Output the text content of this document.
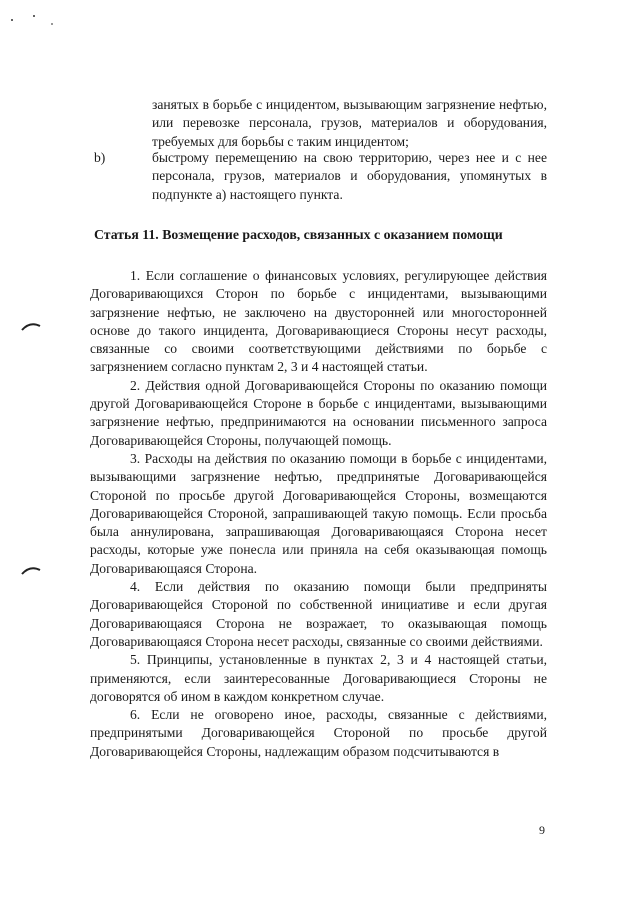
занятых в борьбе с инцидентом, вызывающим загрязнение нефтью, или перевозке персонала, грузов, материалов и оборудования, требуемых для борьбы с таким инцидентом;
b)	быстрому перемещению на свою территорию, через нее и с нее персонала, грузов, материалов и оборудования, упомянутых в подпункте а) настоящего пункта.
Статья 11. Возмещение расходов, связанных с оказанием помощи

1. Если соглашение о финансовых условиях, регулирующее действия Договаривающихся Сторон по борьбе с инцидентами, вызывающими загрязнение нефтью, не заключено на двусторонней или многосторонней основе до такого инцидента, Договаривающиеся Стороны несут расходы, связанные со своими соответствующими действиями по борьбе с загрязнением согласно пунктам 2, 3 и 4 настоящей статьи.

2. Действия одной Договаривающейся Стороны по оказанию помощи другой Договаривающейся Стороне в борьбе с инцидентами, вызывающими загрязнение нефтью, предпринимаются на основании письменного запроса Договаривающейся Стороны, получающей помощь.

3. Расходы на действия по оказанию помощи в борьбе с инцидентами, вызывающими загрязнение нефтью, предпринятые Договаривающейся Стороной по просьбе другой Договаривающейся Стороны, возмещаются Договаривающейся Стороной, запрашивающей такую помощь. Если просьба была аннулирована, запрашивающая Договаривающаяся Сторона несет расходы, которые уже понесла или приняла на себя оказывающая помощь Договаривающаяся Сторона.

4. Если действия по оказанию помощи были предприняты Договаривающейся Стороной по собственной инициативе и если другая Договаривающаяся Сторона не возражает, то оказывающая помощь Договаривающаяся Сторона несет расходы, связанные со своими действиями.

5. Принципы, установленные в пунктах 2, 3 и 4 настоящей статьи, применяются, если заинтересованные Договаривающиеся Стороны не договорятся об ином в каждом конкретном случае.

6. Если не оговорено иное, расходы, связанные с действиями, предпринятыми Договаривающейся Стороной по просьбе другой Договаривающейся Стороны, надлежащим образом подсчитываются в

9
